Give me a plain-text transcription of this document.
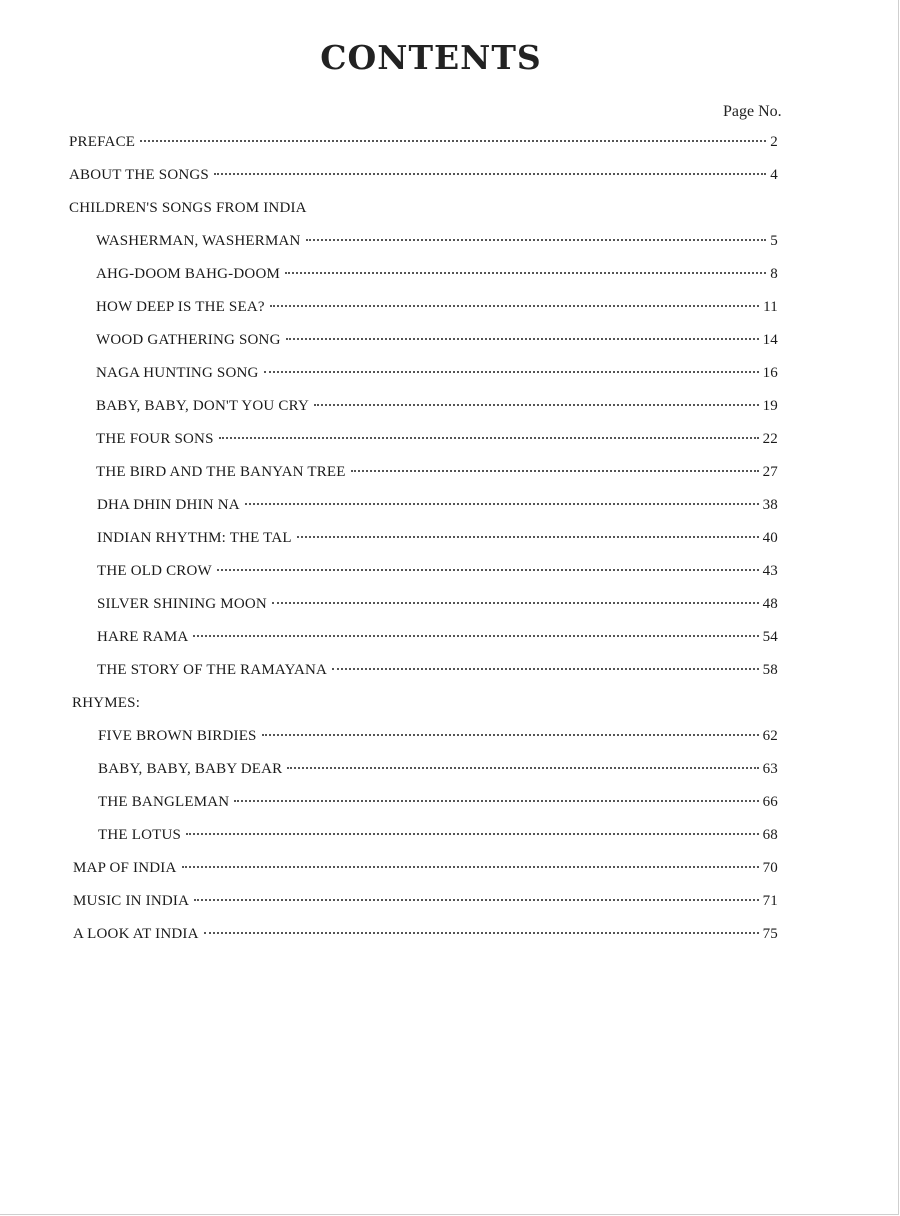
CONTENTS
Page No.
PREFACE	2
ABOUT THE SONGS	4
CHILDREN'S SONGS FROM INDIA
WASHERMAN, WASHERMAN	5
AHG-DOOM BAHG-DOOM	8
HOW DEEP IS THE SEA?	11
WOOD GATHERING SONG	14
NAGA HUNTING SONG	16
BABY, BABY, DON'T YOU CRY	19
THE FOUR SONS	22
THE BIRD AND THE BANYAN TREE	27
DHA DHIN DHIN NA	38
INDIAN RHYTHM: THE TAL	40
THE OLD CROW	43
SILVER SHINING MOON	48
HARE RAMA	54
THE STORY OF THE RAMAYANA	58
RHYMES:
FIVE BROWN BIRDIES	62
BABY, BABY, BABY DEAR	63
THE BANGLEMAN	66
THE LOTUS	68
MAP OF INDIA	70
MUSIC IN INDIA	71
A LOOK AT INDIA	75
